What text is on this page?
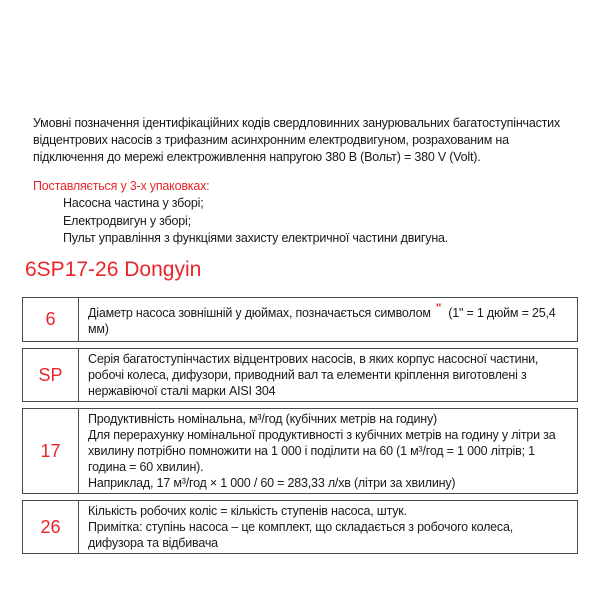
Умовні позначення ідентифікаційних кодів свердловинних занурювальних багатоступінчастих відцентрових насосів з трифазним асинхронним електродвигуном, розрахованим на підключення до мережі електроживлення напругою 380 В (Вольт) = 380 V (Volt).

Поставляється у 3-х упаковках:
Насосна частина у зборі;
Електродвигун у зборі;
Пульт управління з функціями захисту електричної частини двигуна.
6SP17-26 Dongyin
6	Діаметр насоса зовнішній у дюймах, позначається символом " (1" = 1 дюйм = 25,4 мм)
SP
Серія багатоступінчастих відцентрових насосів, в яких корпус насосної частини, робочі колеса, дифузори, приводний вал та елементи кріплення виготовлені з нержавіючої сталі марки AISI 304
17
Продуктивність номінальна, м³/год (кубічних метрів на годину)
Для перерахунку номінальної продуктивності з кубічних метрів на годину у літри за хвилину потрібно помножити на 1 000 і поділити на 60 (1 м³/год = 1 000 літрів; 1 година = 60 хвилин).
Наприклад, 17 м³/год × 1 000 / 60 = 283,33 л/хв (літри за хвилину)
26
Кількість робочих коліс = кількість ступенів насоса, штук.
Примітка: ступінь насоса – це комплект, що складається з робочого колеса, дифузора та відбивача
